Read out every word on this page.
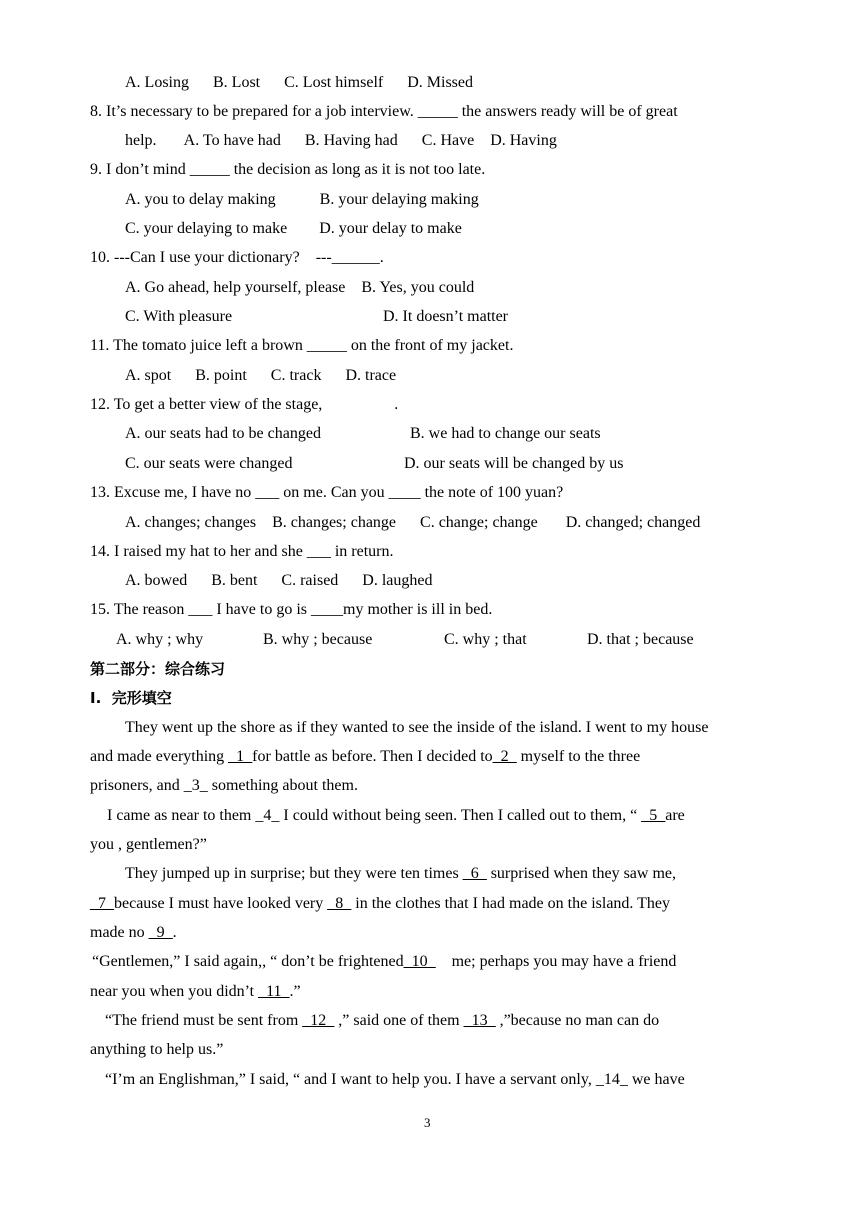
A. Losing      B. Lost      C. Lost himself      D. Missed
8. It’s necessary to be prepared for a job interview. _____ the answers ready will be of great
help.       A. To have had      B. Having had      C. Have    D. Having
9. I don’t mind _____ the decision as long as it is not too late.
A. you to delay making           B. your delaying making
C. your delaying to make        D. your delay to make
10. ---Can I use your dictionary?    ---______.
A. Go ahead, help yourself, please    B. Yes, you could
C. With pleasure	D. It doesn’t matter
11. The tomato juice left a brown _____ on the front of my jacket.
A. spot      B. point      C. track      D. trace
12. To get a better view of the stage,                  .
A. our seats had to be changed	B. we had to change our seats
C. our seats were changed	D. our seats will be changed by us
13. Excuse me, I have no ___ on me. Can you ____ the note of 100 yuan?
A. changes; changes    B. changes; change      C. change; change       D. changed; changed
14. I raised my hat to her and she ___ in return.
A. bowed      B. bent      C. raised      D. laughed
15. The reason ___ I have to go is ____my mother is ill in bed.
A. why ; why	B. why ; because	C. why ; that	D. that ; because
第二部分：综合练习
I.  完形填空
They went up the shore as if they wanted to see the inside of the island. I went to my house
and made everything _1_for battle as before. Then I decided to_2_ myself to the three
prisoners, and _3_ something about them.
I came as near to them _4_ I could without being seen. Then I called out to them, “ _5_are
you , gentlemen?”
They jumped up in surprise; but they were ten times _6_ surprised when they saw me,
_7_because I must have looked very _8_ in the clothes that I had made on the island. They
made no _9_.
“Gentlemen,” I said again,, “ don’t be frightened_10_    me; perhaps you may have a friend
near you when you didn’t _11_.”
“The friend must be sent from _12_ ,” said one of them _13_ ,”because no man can do
anything to help us.”
“I’m an Englishman,” I said, “ and I want to help you. I have a servant only, _14_ we have
3
